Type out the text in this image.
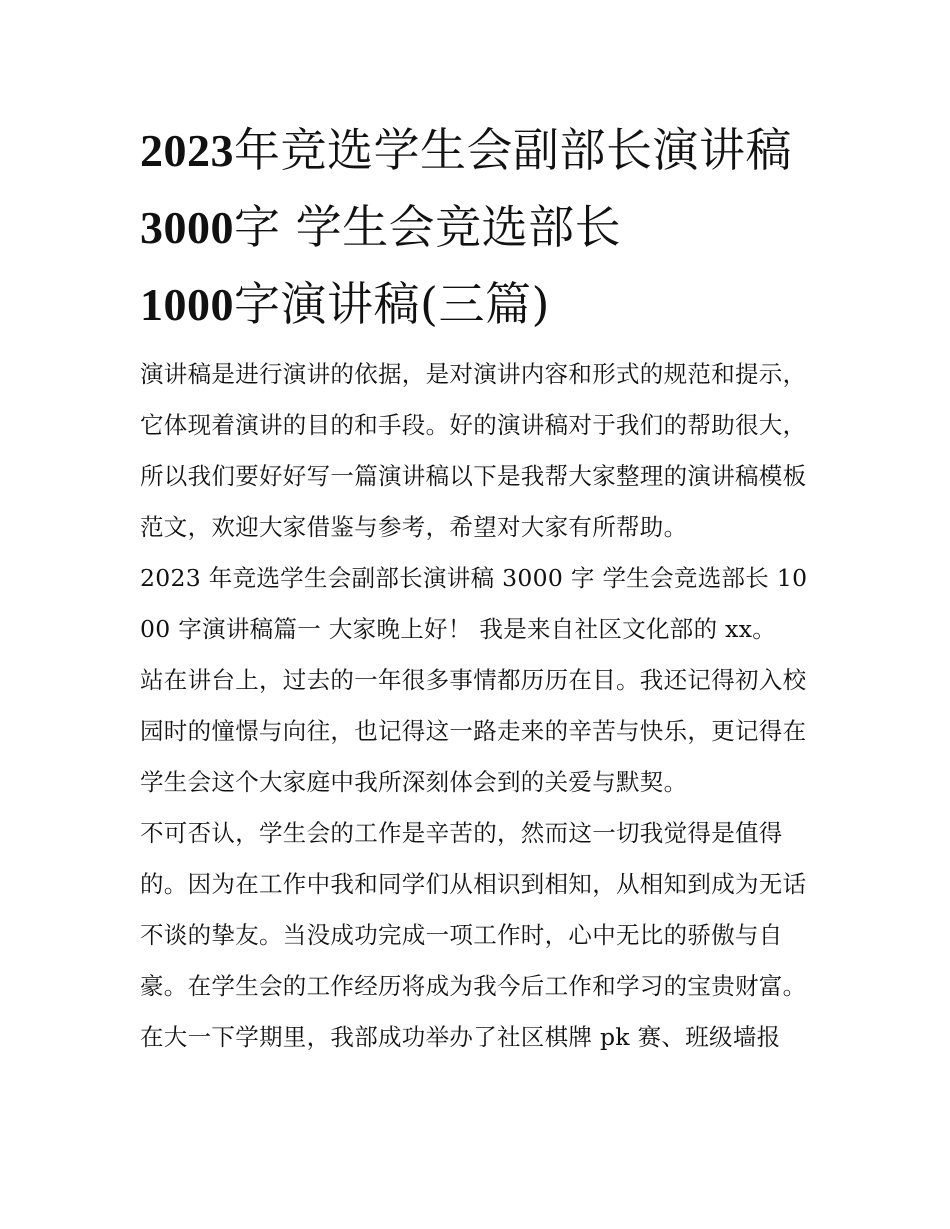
2023年竞选学生会副部长演讲稿3000字 学生会竞选部长
1000字演讲稿(三篇)

演讲稿是进行演讲的依据，是对演讲内容和形式的规范和提示，它体现着演讲的目的和手段。好的演讲稿对于我们的帮助很大，所以我们要好好写一篇演讲稿以下是我帮大家整理的演讲稿模板范文，欢迎大家借鉴与参考，希望对大家有所帮助。

2023 年竞选学生会副部长演讲稿 3000 字 学生会竞选部长 1000 字演讲稿篇一 大家晚上好！ 我是来自社区文化部的 xx。

站在讲台上，过去的一年很多事情都历历在目。我还记得初入校园时的憧憬与向往，也记得这一路走来的辛苦与快乐，更记得在学生会这个大家庭中我所深刻体会到的关爱与默契。

不可否认，学生会的工作是辛苦的，然而这一切我觉得是值得的。因为在工作中我和同学们从相识到相知，从相知到成为无话不谈的挚友。当没成功完成一项工作时，心中无比的骄傲与自豪。在学生会的工作经历将成为我今后工作和学习的宝贵财富。

在大一下学期里，我部成功举办了社区棋牌 pk 赛、班级墙报
